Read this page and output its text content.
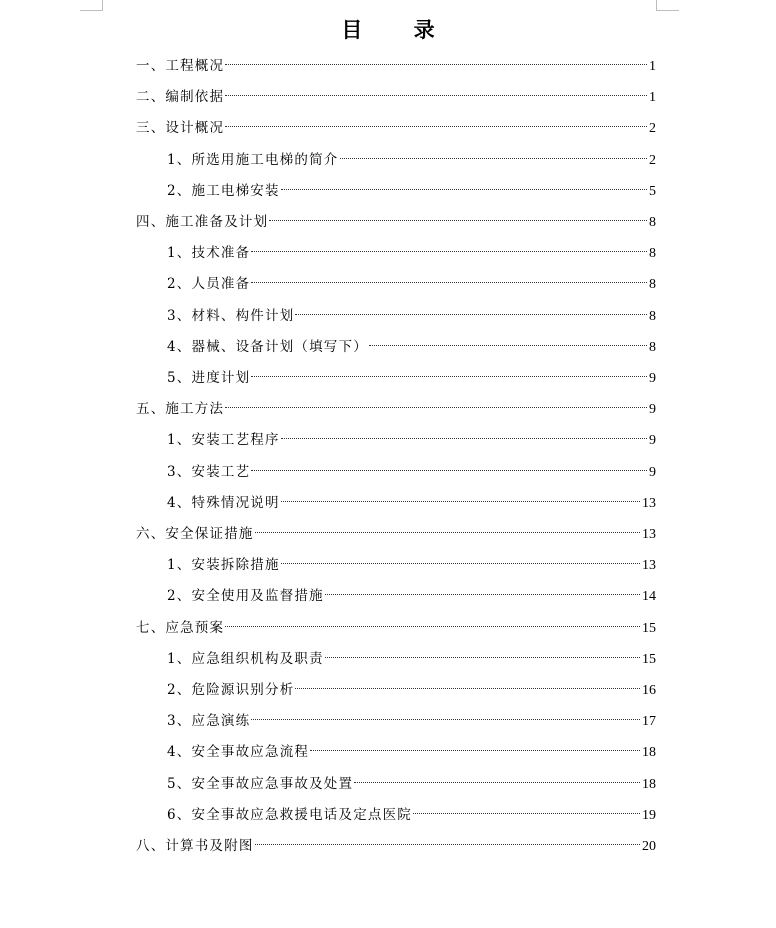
目 录
一、工程概况	1
二、编制依据	1
三、设计概况	2
1、所选用施工电梯的简介	2
2、施工电梯安装	5
四、施工准备及计划	8
1、技术准备	8
2、人员准备	8
3、材料、构件计划	8
4、器械、设备计划（填写下）	8
5、进度计划	9
五、施工方法	9
1、安装工艺程序	9
3、安装工艺	9
4、特殊情况说明	13
六、安全保证措施	13
1、安装拆除措施	13
2、安全使用及监督措施	14
七、应急预案	15
1、应急组织机构及职责	15
2、危险源识别分析	16
3、应急演练	17
4、安全事故应急流程	18
5、安全事故应急事故及处置	18
6、安全事故应急救援电话及定点医院	19
八、计算书及附图	20
